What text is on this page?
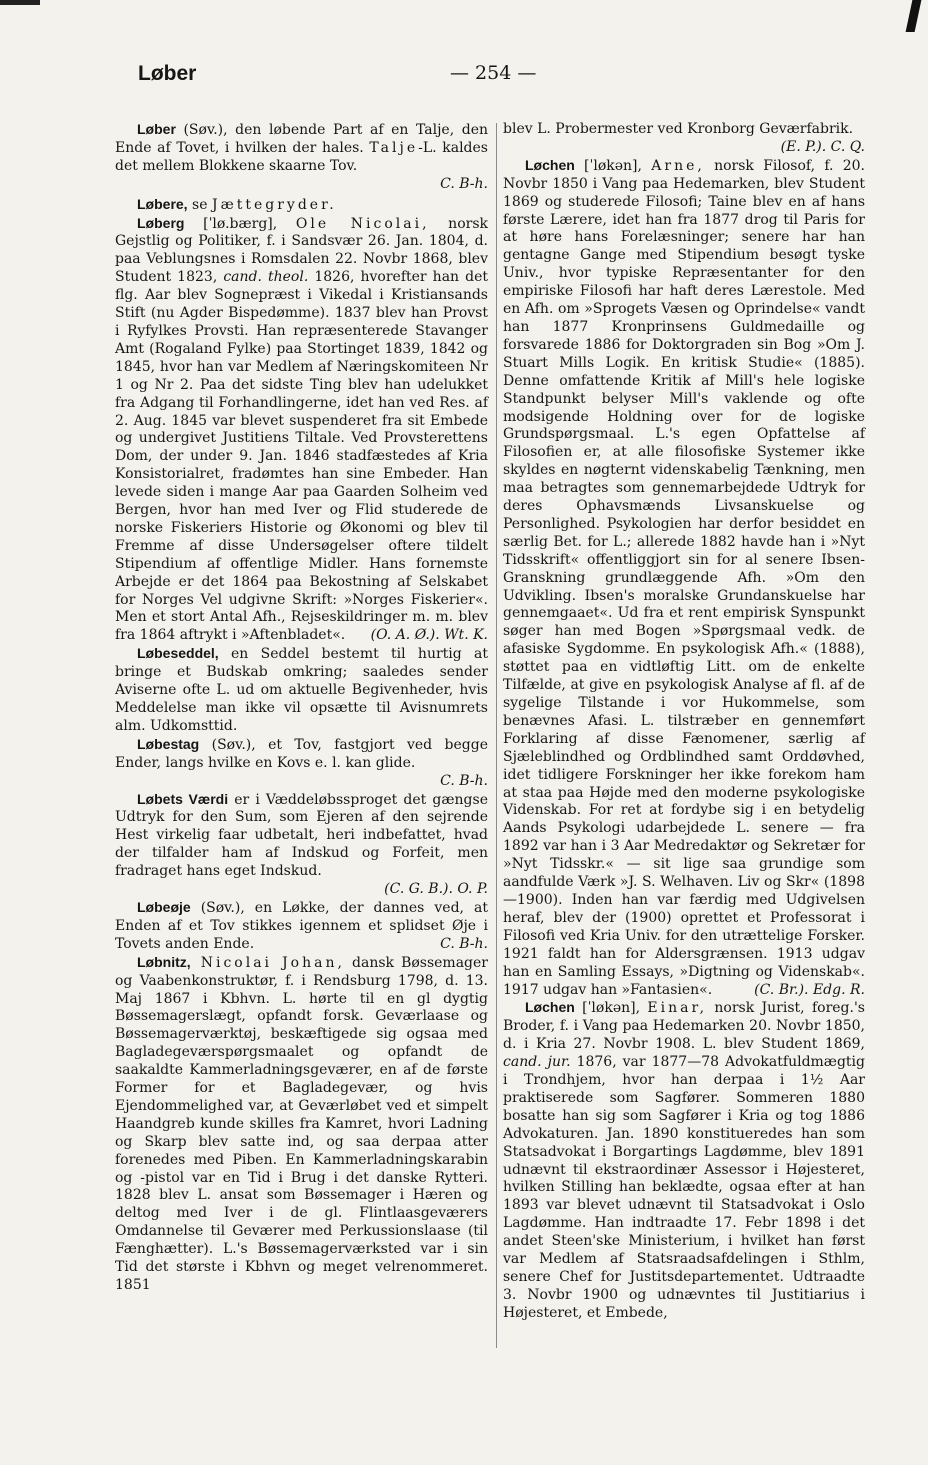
Løber	— 254 —

Løber (Søv.), den løbende Part af en Talje, den Ende af Tovet, i hvilken der hales. Talje-L. kaldes det mellem Blokkene skaarne Tov.
C. B-h.

Løbere, se Jættegryder.

Løberg [ˈlø.bærg], Ole Nicolai, norsk Gejstlig og Politiker, f. i Sandsvær 26. Jan. 1804, d. paa Veblungsnes i Romsdalen 22. Novbr 1868, blev Student 1823, cand. theol. 1826, hvorefter han det flg. Aar blev Sognepræst i Vikedal i Kristiansands Stift (nu Agder Bispedømme). 1837 blev han Provst i Ryfylkes Provsti. Han repræsenterede Stavanger Amt (Rogaland Fylke) paa Stortinget 1839, 1842 og 1845, hvor han var Medlem af Næringskomiteen Nr 1 og Nr 2. Paa det sidste Ting blev han udelukket fra Adgang til Forhandlingerne, idet han ved Res. af 2. Aug. 1845 var blevet suspenderet fra sit Embede og undergivet Justitiens Tiltale. Ved Provsterettens Dom, der under 9. Jan. 1846 stadfæstedes af Kria Konsistorialret, fradømtes han sine Embeder. Han levede siden i mange Aar paa Gaarden Solheim ved Bergen, hvor han med Iver og Flid studerede de norske Fiskeriers Historie og Økonomi og blev til Fremme af disse Undersøgelser oftere tildelt Stipendium af offentlige Midler. Hans fornemste Arbejde er det 1864 paa Bekostning af Selskabet for Norges Vel udgivne Skrift: »Norges Fiskerier«. Men et stort Antal Afh., Rejseskildringer m. m. blev fra 1864 aftrykt i »Aftenbladet«.	(O. A. Ø.). Wt. K.

Løbeseddel, en Seddel bestemt til hurtig at bringe et Budskab omkring; saaledes sender Aviserne ofte L. ud om aktuelle Begivenheder, hvis Meddelelse man ikke vil opsætte til Avisnumrets alm. Udkomsttid.

Løbestag (Søv.), et Tov, fastgjort ved begge Ender, langs hvilke en Kovs e. l. kan glide.
C. B-h.

Løbets Værdi er i Væddeløbssproget det gængse Udtryk for den Sum, som Ejeren af den sejrende Hest virkelig faar udbetalt, heri indbefattet, hvad der tilfalder ham af Indskud og Forfeit, men fradraget hans eget Indskud.
(C. G. B.). O. P.

Løbeøje (Søv.), en Løkke, der dannes ved, at Enden af et Tov stikkes igennem et splidset Øje i Tovets anden Ende.	C. B-h.

Løbnitz, Nicolai Johan, dansk Bøssemager og Vaabenkonstruktør, f. i Rendsburg 1798, d. 13. Maj 1867 i Kbhvn. L. hørte til en gl dygtig Bøssemagerslægt, opfandt forsk. Geværlaase og Bøssemagerværktøj, beskæftigede sig ogsaa med Bagladegeværspørgsmaalet og opfandt de saakaldte Kammerladningsgeværer, en af de første Former for et Bagladegevær, og hvis Ejendommelighed var, at Geværløbet ved et simpelt Haandgreb kunde skilles fra Kamret, hvori Ladning og Skarp blev satte ind, og saa derpaa atter forenedes med Piben. En Kammerladningskarabin og -pistol var en Tid i Brug i det danske Rytteri. 1828 blev L. ansat som Bøssemager i Hæren og deltog med Iver i de gl. Flintlaasgeværers Omdannelse til Geværer med Perkussionslaase (til Fænghætter). L.'s Bøssemagerværksted var i sin Tid det største i Kbhvn og meget velrenommeret. 1851

blev L. Probermester ved Kronborg Geværfabrik.
(E. P.). C. Q.

Løchen [ˈløkən], Arne, norsk Filosof, f. 20. Novbr 1850 i Vang paa Hedemarken, blev Student 1869 og studerede Filosofi; Taine blev en af hans første Lærere, idet han fra 1877 drog til Paris for at høre hans Forelæsninger; senere har han gentagne Gange med Stipendium besøgt tyske Univ., hvor typiske Repræsentanter for den empiriske Filosofi har haft deres Lærestole. Med en Afh. om »Sprogets Væsen og Oprindelse« vandt han 1877 Kronprinsens Guldmedaille og forsvarede 1886 for Doktorgraden sin Bog »Om J. Stuart Mills Logik. En kritisk Studie« (1885). Denne omfattende Kritik af Mill's hele logiske Standpunkt belyser Mill's vaklende og ofte modsigende Holdning over for de logiske Grundspørgsmaal. L.'s egen Opfattelse af Filosofien er, at alle filosofiske Systemer ikke skyldes en nøgternt videnskabelig Tænkning, men maa betragtes som gennemarbejdede Udtryk for deres Ophavsmænds Livsanskuelse og Personlighed. Psykologien har derfor besiddet en særlig Bet. for L.; allerede 1882 havde han i »Nyt Tidsskrift« offentliggjort sin for al senere Ibsen-Granskning grundlæggende Afh. »Om den Udvikling. Ibsen's moralske Grundanskuelse har gennemgaaet«. Ud fra et rent empirisk Synspunkt søger han med Bogen »Spørgsmaal vedk. de afasiske Sygdomme. En psykologisk Afh.« (1888), støttet paa en vidtløftig Litt. om de enkelte Tilfælde, at give en psykologisk Analyse af fl. af de sygelige Tilstande i vor Hukommelse, som benævnes Afasi. L. tilstræber en gennemført Forklaring af disse Fænomener, særlig af Sjæleblindhed og Ordblindhed samt Orddøvhed, idet tidligere Forskninger her ikke forekom ham at staa paa Højde med den moderne psykologiske Videnskab. For ret at fordybe sig i en betydelig Aands Psykologi udarbejdede L. senere — fra 1892 var han i 3 Aar Medredaktør og Sekretær for »Nyt Tidsskr.« — sit lige saa grundige som aandfulde Værk »J. S. Welhaven. Liv og Skr« (1898—1900). Inden han var færdig med Udgivelsen heraf, blev der (1900) oprettet et Professorat i Filosofi ved Kria Univ. for den utrættelige Forsker. 1921 faldt han for Aldersgrænsen. 1913 udgav han en Samling Essays, »Digtning og Videnskab«. 1917 udgav han »Fantasien«.	(C. Br.). Edg. R.

Løchen [ˈløkən], Einar, norsk Jurist, foreg.'s Broder, f. i Vang paa Hedemarken 20. Novbr 1850, d. i Kria 27. Novbr 1908. L. blev Student 1869, cand. jur. 1876, var 1877—78 Advokatfuldmægtig i Trondhjem, hvor han derpaa i 1½ Aar praktiserede som Sagfører. Sommeren 1880 bosatte han sig som Sagfører i Kria og tog 1886 Advokaturen. Jan. 1890 konstitueredes han som Statsadvokat i Borgartings Lagdømme, blev 1891 udnævnt til ekstraordinær Assessor i Højesteret, hvilken Stilling han beklædte, ogsaa efter at han 1893 var blevet udnævnt til Statsadvokat i Oslo Lagdømme. Han indtraadte 17. Febr 1898 i det andet Steen'ske Ministerium, i hvilket han først var Medlem af Statsraadsafdelingen i Sthlm, senere Chef for Justitsdepartementet. Udtraadte 3. Novbr 1900 og udnævntes til Justitiarius i Højesteret, et Embede,
